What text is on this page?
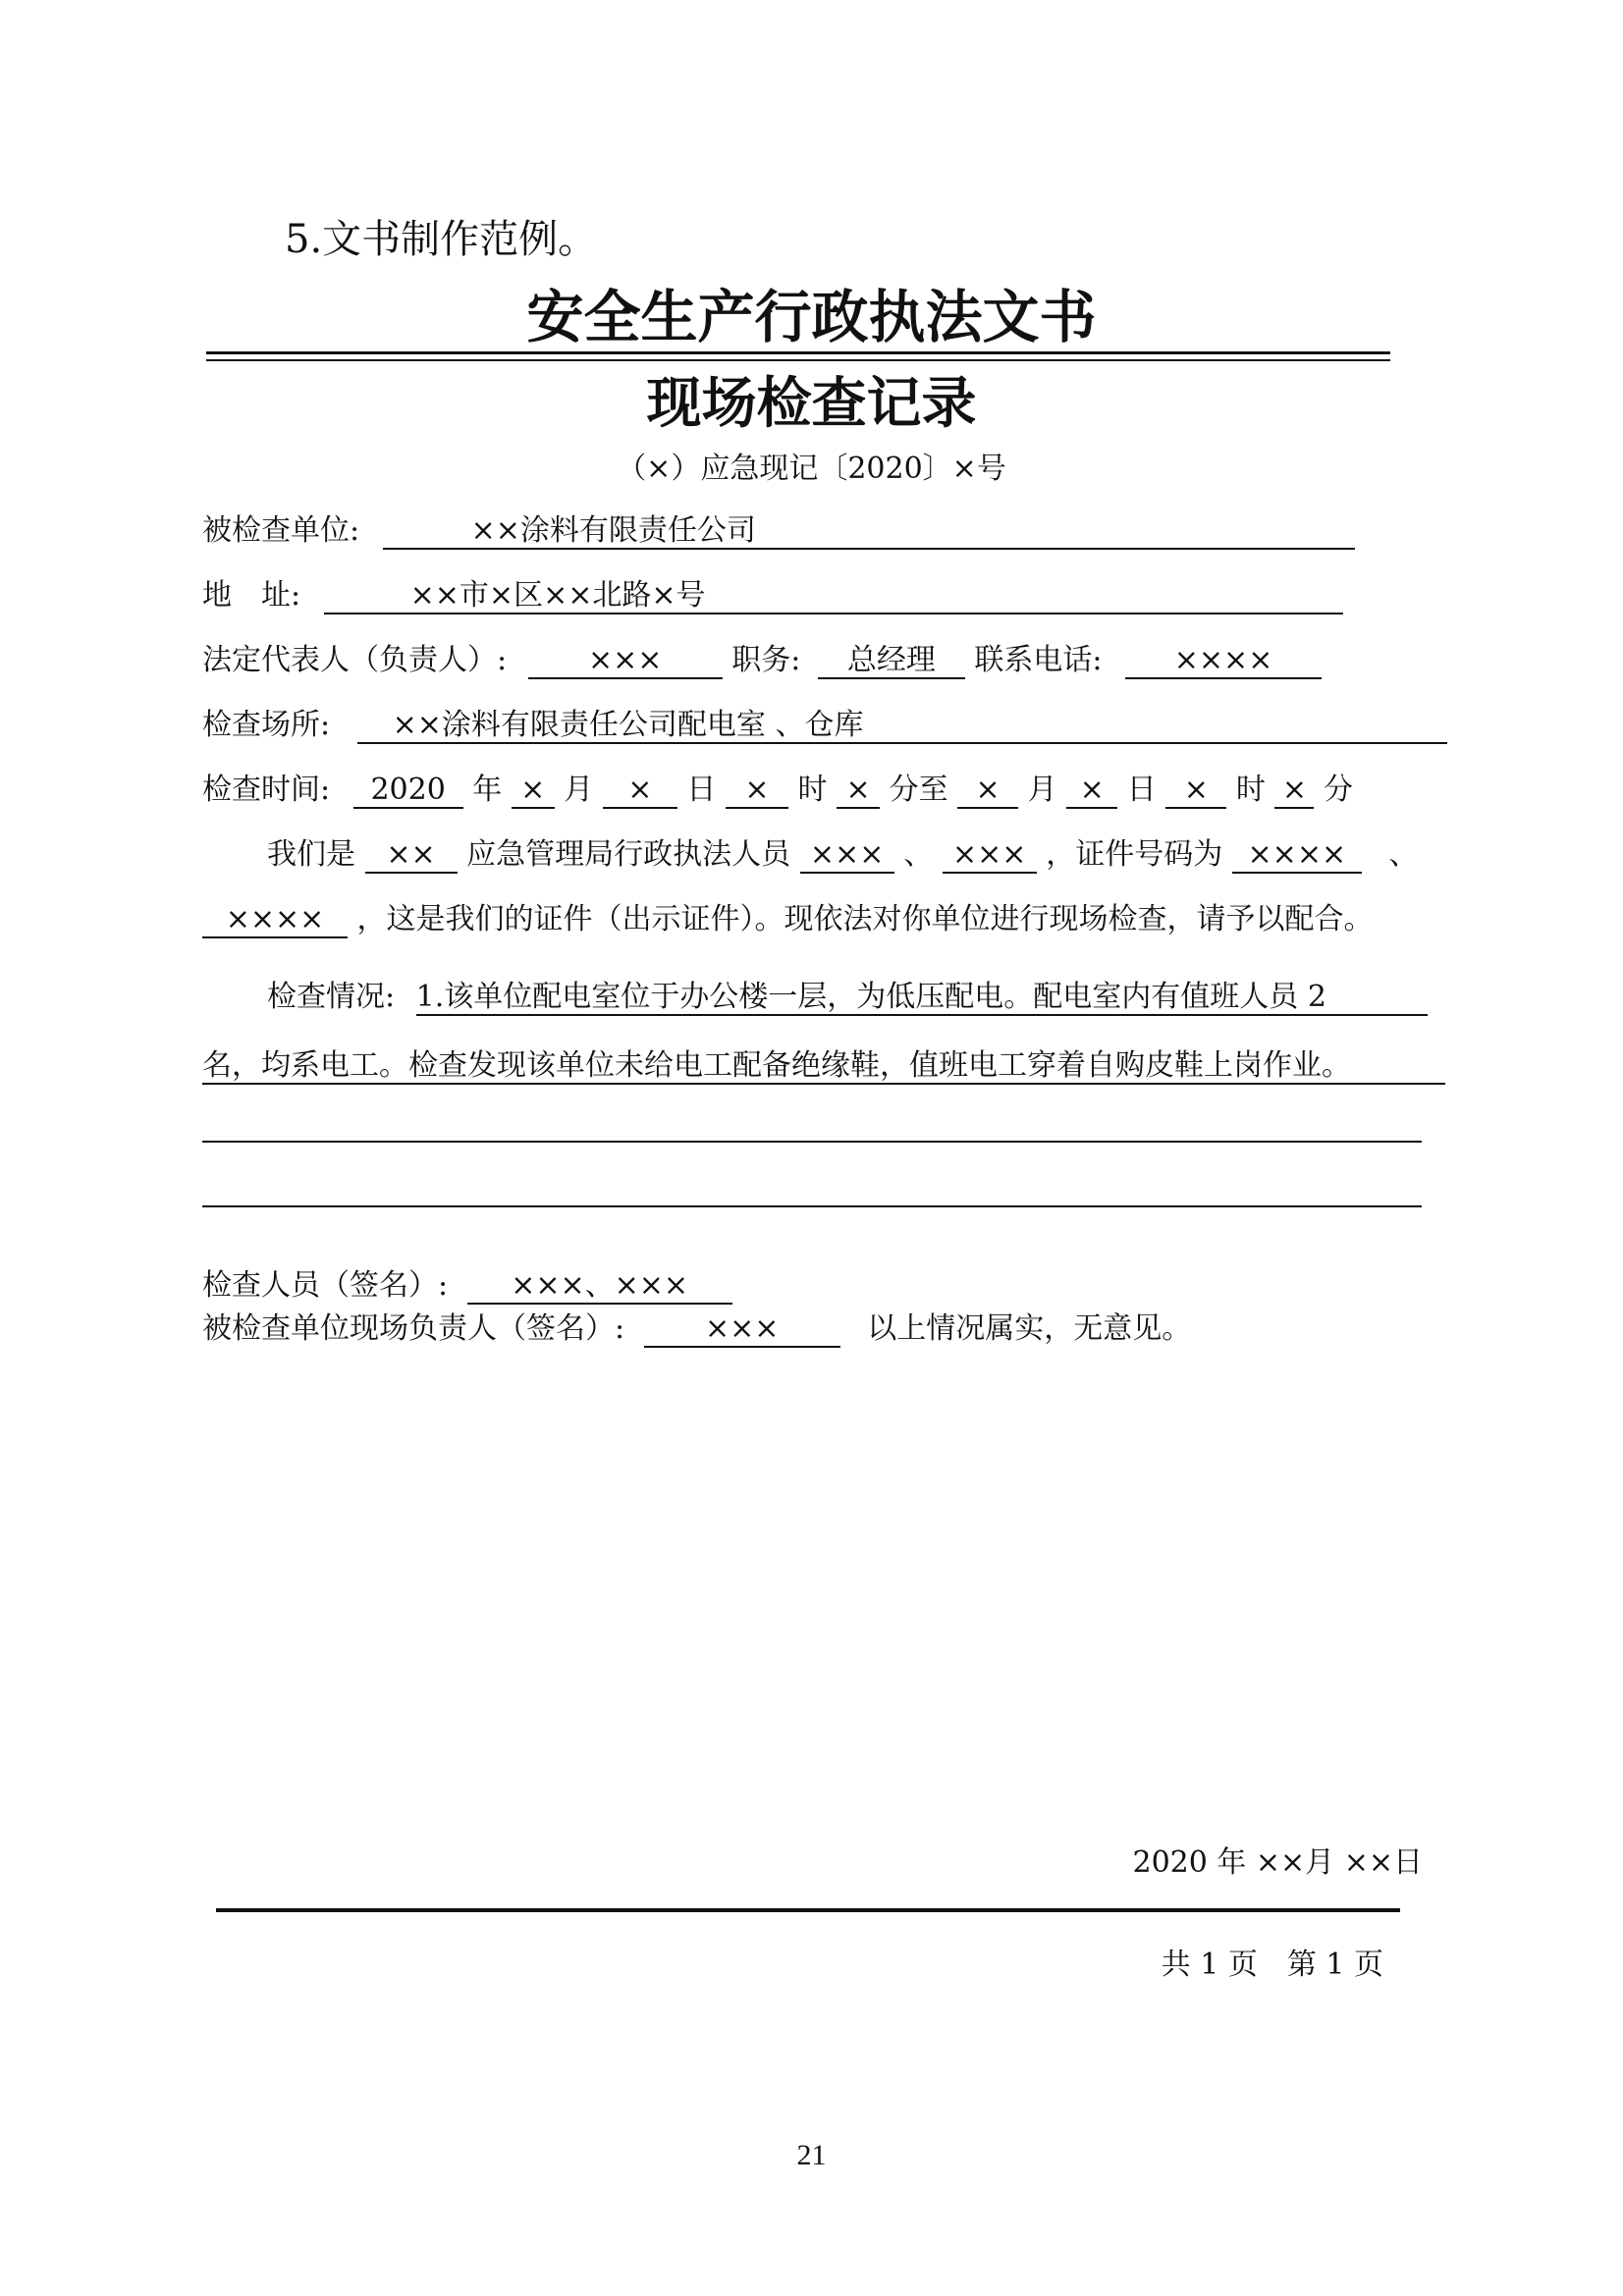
5.文书制作范例。
安全生产行政执法文书
现场检查记录
（×）应急现记〔2020〕×号
被检查单位:	××涂料有限责任公司
地　址:	××市×区××北路×号
法定代表人（负责人）:	××× 职务: 总经理 联系电话: ××××
检查场所: ××涂料有限责任公司配电室 、仓库
检查时间: 2020 年 × 月 × 日 × 时 × 分至 × 月 × 日 × 时 × 分
我们是 ×× 应急管理局行政执法人员 ××× 、 ××× ，证件号码为 ×××× 、
×××× ，这是我们的证件（出示证件）。现依法对你单位进行现场检查，请予以配合。
检查情况: 1.该单位配电室位于办公楼一层，为低压配电。配电室内有值班人员 2
名，均系电工。检查发现该单位未给电工配备绝缘鞋，值班电工穿着自购皮鞋上岗作业。
检查人员（签名）: ×××、×××
被检查单位现场负责人（签名）:	×××	以上情况属实，无意见。
2020 年 ××月 ××日
共 1 页　第 1 页
21
